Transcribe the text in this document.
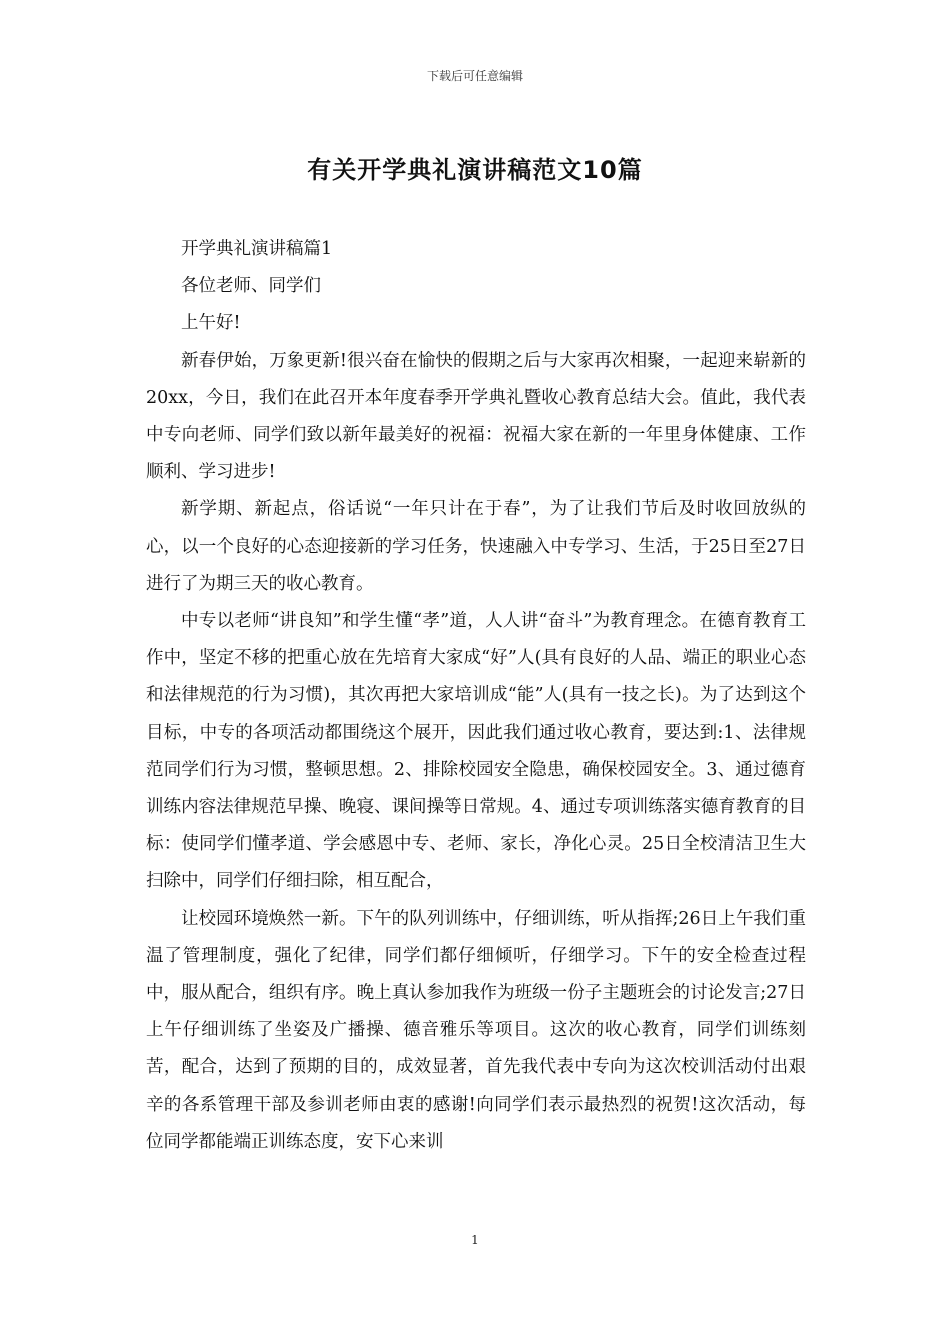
下载后可任意编辑
有关开学典礼演讲稿范文10篇

开学典礼演讲稿篇1

各位老师、同学们

上午好!

新春伊始，万象更新!很兴奋在愉快的假期之后与大家再次相聚，一起迎来崭新的20xx，今日，我们在此召开本年度春季开学典礼暨收心教育总结大会。值此，我代表中专向老师、同学们致以新年最美好的祝福：祝福大家在新的一年里身体健康、工作顺利、学习进步!

新学期、新起点，俗话说“一年只计在于春”，为了让我们节后及时收回放纵的心，以一个良好的心态迎接新的学习任务，快速融入中专学习、生活，于25日至27日进行了为期三天的收心教育。

中专以老师“讲良知”和学生懂“孝”道，人人讲“奋斗”为教育理念。在德育教育工作中，坚定不移的把重心放在先培育大家成“好”人(具有良好的人品、端正的职业心态和法律规范的行为习惯)，其次再把大家培训成“能”人(具有一技之长)。为了达到这个目标，中专的各项活动都围绕这个展开，因此我们通过收心教育，要达到:1、法律规范同学们行为习惯，整顿思想。2、排除校园安全隐患，确保校园安全。3、通过德育训练内容法律规范早操、晚寝、课间操等日常规。4、通过专项训练落实德育教育的目标：使同学们懂孝道、学会感恩中专、老师、家长，净化心灵。25日全校清洁卫生大扫除中，同学们仔细扫除，相互配合，

让校园环境焕然一新。下午的队列训练中，仔细训练，听从指挥;26日上午我们重温了管理制度，强化了纪律，同学们都仔细倾听，仔细学习。下午的安全检查过程中，服从配合，组织有序。晚上真认参加我作为班级一份子主题班会的讨论发言;27日上午仔细训练了坐姿及广播操、德音雅乐等项目。这次的收心教育，同学们训练刻苦，配合，达到了预期的目的，成效显著，首先我代表中专向为这次校训活动付出艰辛的各系管理干部及参训老师由衷的感谢!向同学们表示最热烈的祝贺!这次活动，每位同学都能端正训练态度，安下心来训

1
